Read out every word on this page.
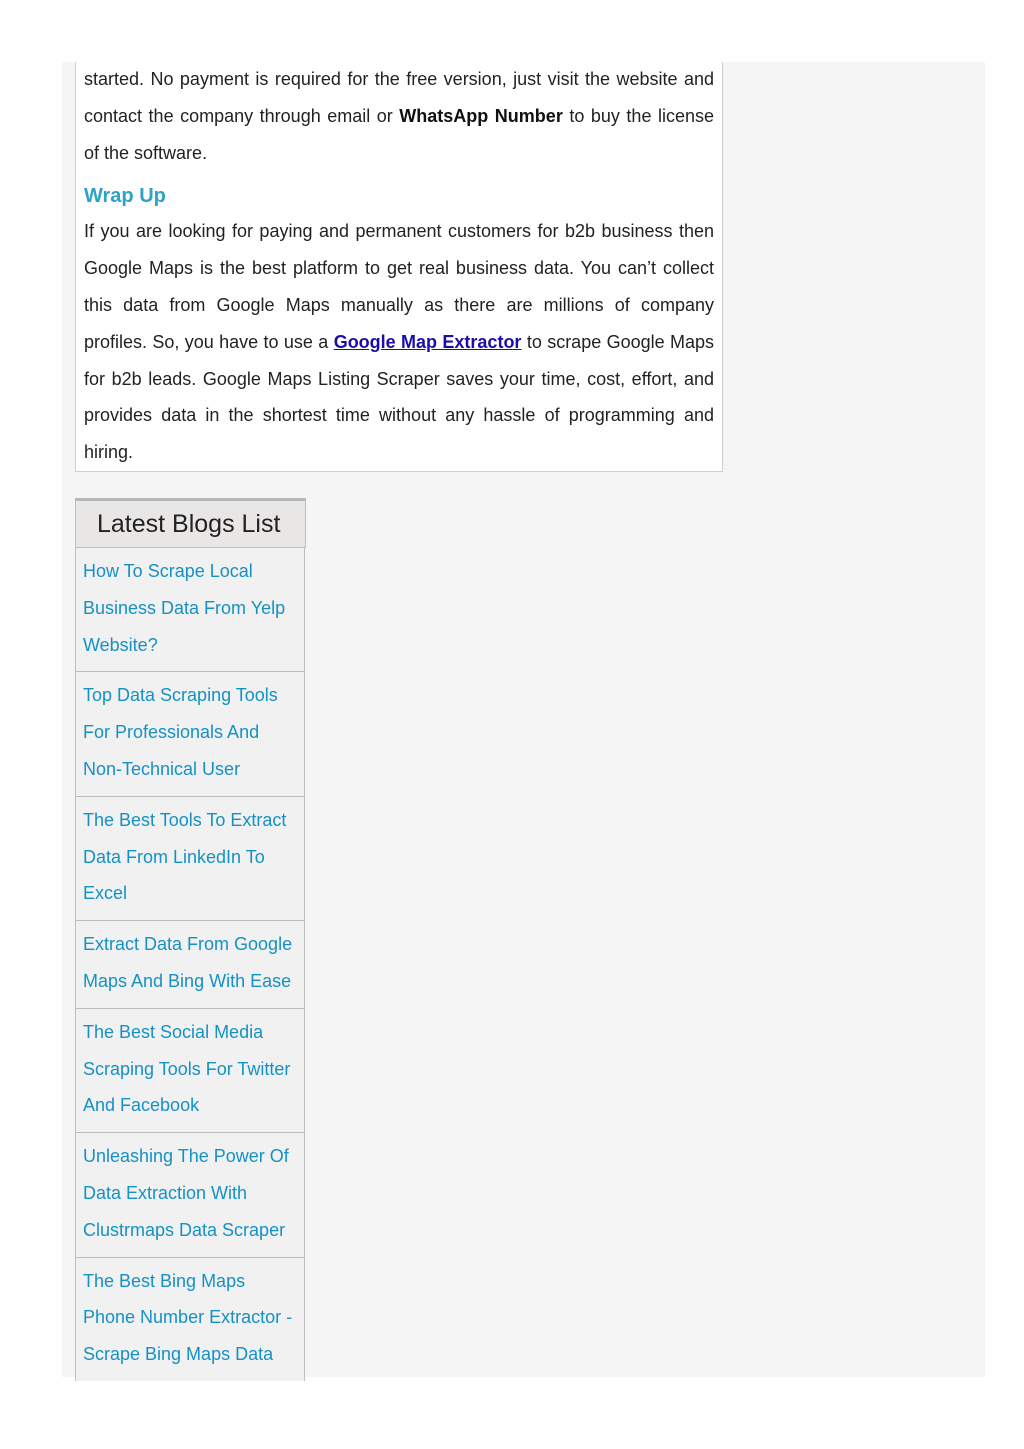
started. No payment is required for the free version, just visit the website and contact the company through email or WhatsApp Number to buy the license of the software.

Wrap Up

If you are looking for paying and permanent customers for b2b business then Google Maps is the best platform to get real business data. You can’t collect this data from Google Maps manually as there are millions of company profiles. So, you have to use a Google Map Extractor to scrape Google Maps for b2b leads. Google Maps Listing Scraper saves your time, cost, effort, and provides data in the shortest time without any hassle of programming and hiring.

Latest Blogs List
How To Scrape Local Business Data From Yelp Website?
Top Data Scraping Tools For Professionals And Non-Technical User
The Best Tools To Extract Data From LinkedIn To Excel
Extract Data From Google Maps And Bing With Ease
The Best Social Media Scraping Tools For Twitter And Facebook
Unleashing The Power Of Data Extraction With Clustrmaps Data Scraper
The Best Bing Maps Phone Number Extractor - Scrape Bing Maps Data
